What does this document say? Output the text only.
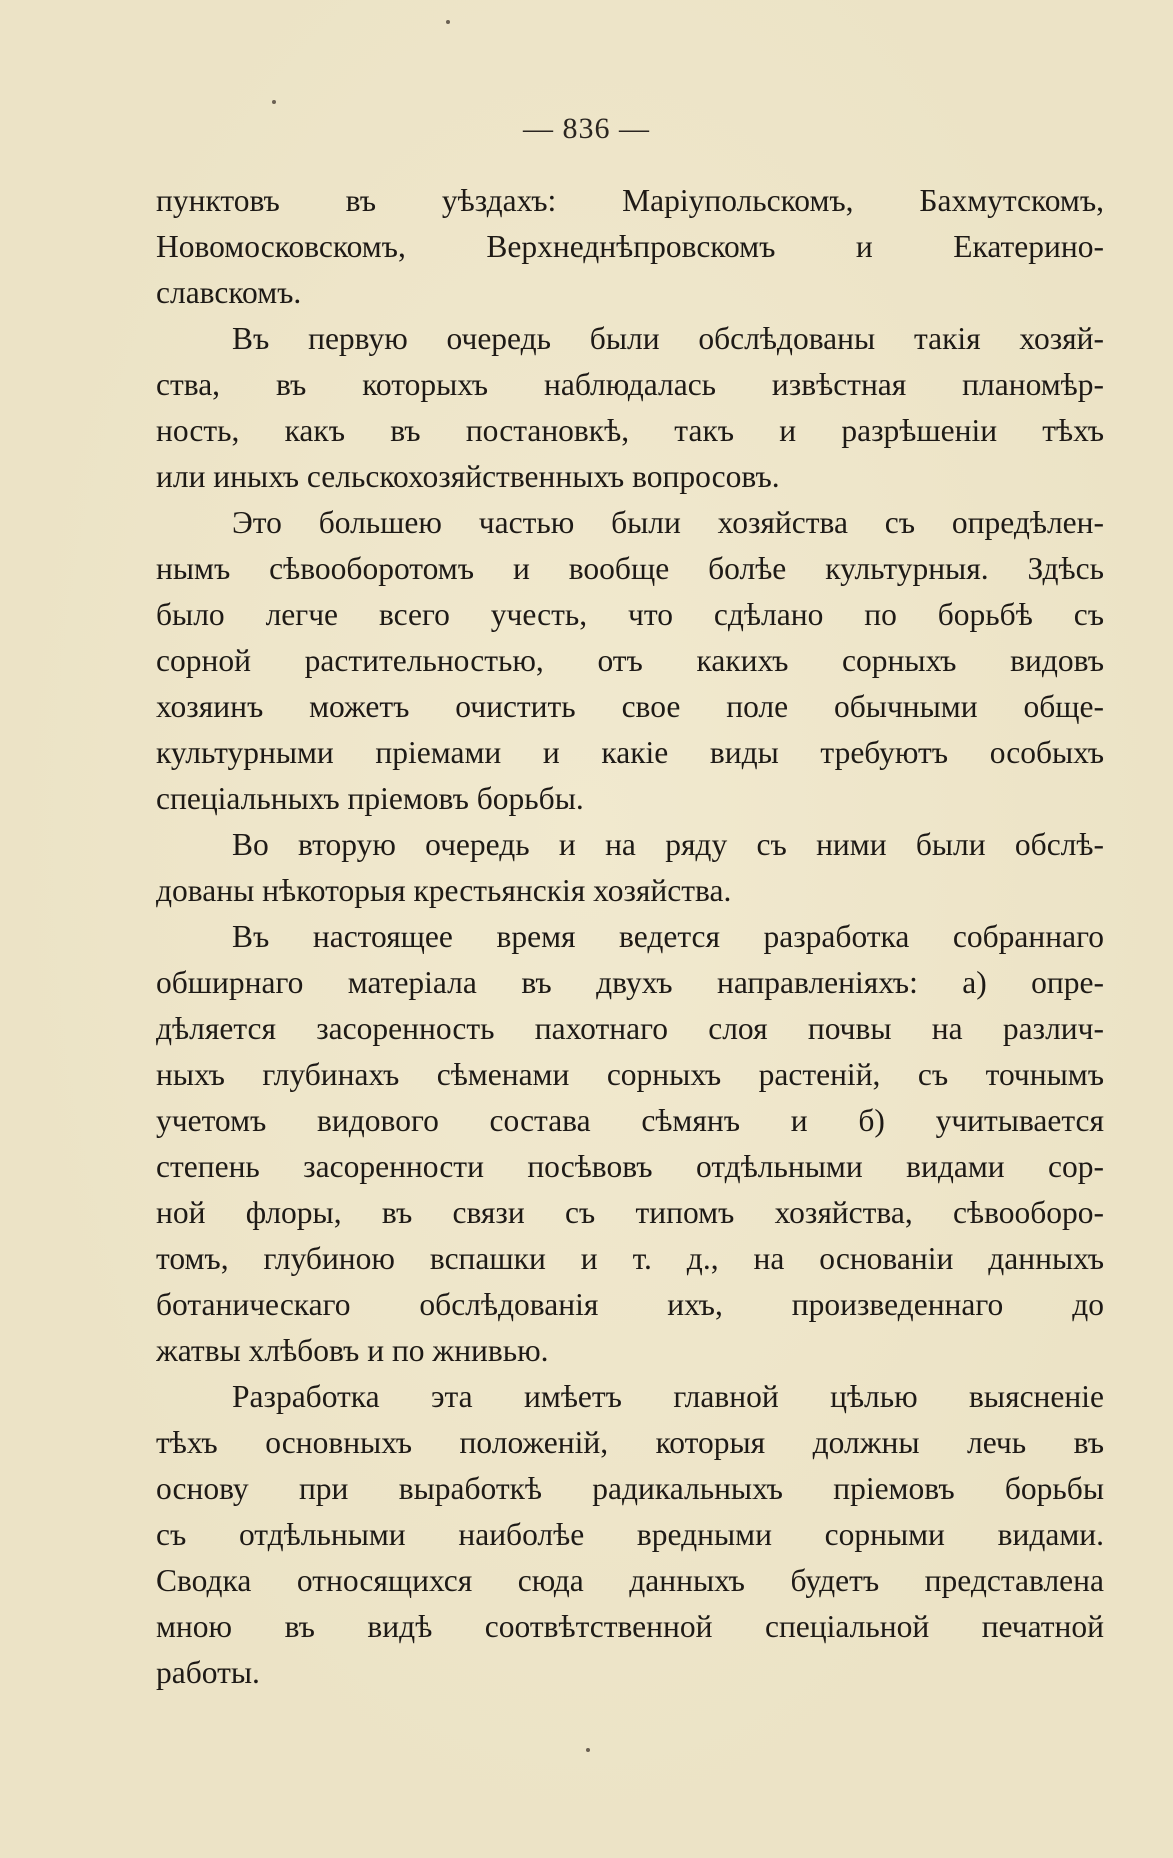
— 836 —
пунктовъ въ уѣздахъ: Маріупольскомъ, Бахмутскомъ,
Новомосковскомъ, Верхнеднѣпровскомъ и Екатерино-
славскомъ.
Въ первую очередь были обслѣдованы такія хозяй-
ства, въ которыхъ наблюдалась извѣстная планомѣр-
ность, какъ въ постановкѣ, такъ и разрѣшеніи тѣхъ
или иныхъ сельскохозяйственныхъ вопросовъ.
Это большею частью были хозяйства съ опредѣлен-
нымъ сѣвооборотомъ и вообще болѣе культурныя. Здѣсь
было легче всего учесть, что сдѣлано по борьбѣ съ
сорной растительностью, отъ какихъ сорныхъ видовъ
хозяинъ можетъ очистить свое поле обычными обще-
культурными пріемами и какіе виды требуютъ особыхъ
спеціальныхъ пріемовъ борьбы.
Во вторую очередь и на ряду съ ними были обслѣ-
дованы нѣкоторыя крестьянскія хозяйства.
Въ настоящее время ведется разработка собраннаго
обширнаго матеріала въ двухъ направленіяхъ: а) опре-
дѣляется засоренность пахотнаго слоя почвы на различ-
ныхъ глубинахъ сѣменами сорныхъ растеній, съ точнымъ
учетомъ видового состава сѣмянъ и б) учитывается
степень засоренности посѣвовъ отдѣльными видами сор-
ной флоры, въ связи съ типомъ хозяйства, сѣвооборо-
томъ, глубиною вспашки и т. д., на основаніи данныхъ
ботаническаго обслѣдованія ихъ, произведеннаго до
жатвы хлѣбовъ и по жнивью.
Разработка эта имѣетъ главной цѣлью выясненіе
тѣхъ основныхъ положеній, которыя должны лечь въ
основу при выработкѣ радикальныхъ пріемовъ борьбы
съ отдѣльными наиболѣе вредными сорными видами.
Сводка относящихся сюда данныхъ будетъ представлена
мною въ видѣ соотвѣтственной спеціальной печатной
работы.
